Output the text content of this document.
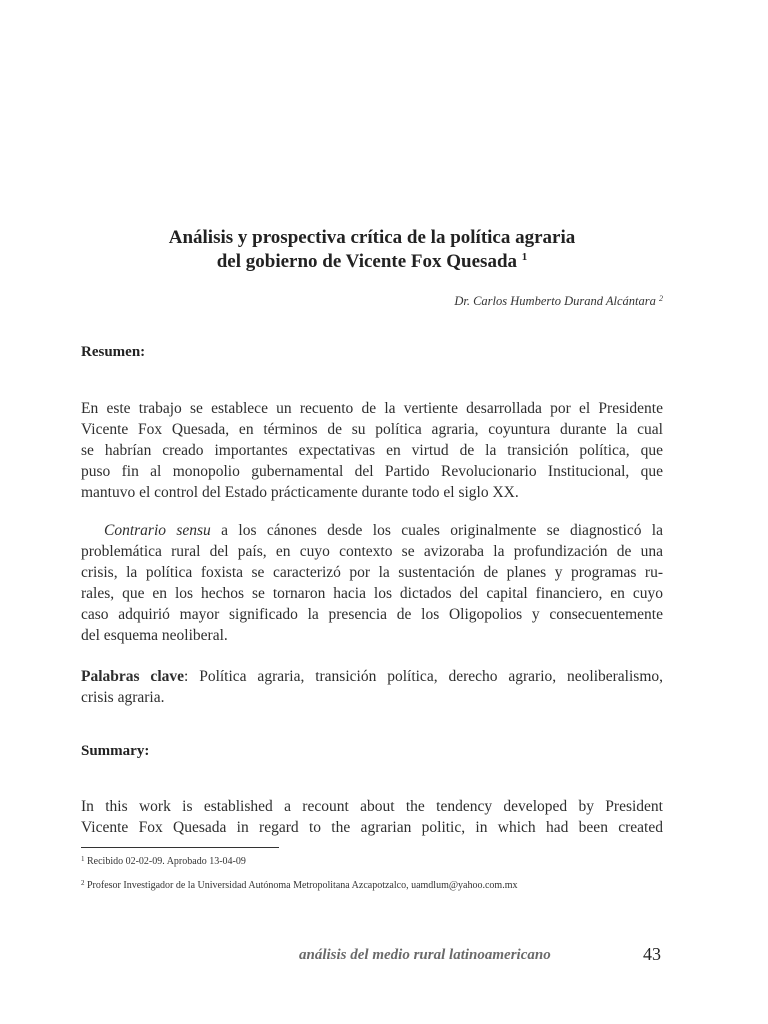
Análisis y prospectiva crítica de la política agraria
del gobierno de Vicente Fox Quesada $^1$
Dr. Carlos Humberto Durand Alcántara $^2$
Resumen:
En este trabajo se establece un recuento de la vertiente desarrollada por el Presidente
Vicente Fox Quesada, en términos de su política agraria, coyuntura durante la cual
se habrían creado importantes expectativas en virtud de la transición política, que
puso fin al monopolio gubernamental del Partido Revolucionario Institucional, que
mantuvo el control del Estado prácticamente durante todo el siglo XX.
Contrario sensu a los cánones desde los cuales originalmente se diagnosticó la
problemática rural del país, en cuyo contexto se avizoraba la profundización de una
crisis, la política foxista se caracterizó por la sustentación de planes y programas ru-
rales, que en los hechos se tornaron hacia los dictados del capital financiero, en cuyo
caso adquirió mayor significado la presencia de los Oligopolios y consecuentemente
del esquema neoliberal.
Palabras clave: Política agraria, transición política, derecho agrario, neoliberalismo,
crisis agraria.
Summary:
In this work is established a recount about the tendency developed by President
Vicente Fox Quesada in regard to the agrarian politic, in which had been created
$^1$ Recibido 02-02-09. Aprobado 13-04-09
$^2$ Profesor Investigador de la Universidad Autónoma Metropolitana Azcapotzalco, uamdlum@yahoo.com.mx
análisis del medio rural latinoamericano	43
